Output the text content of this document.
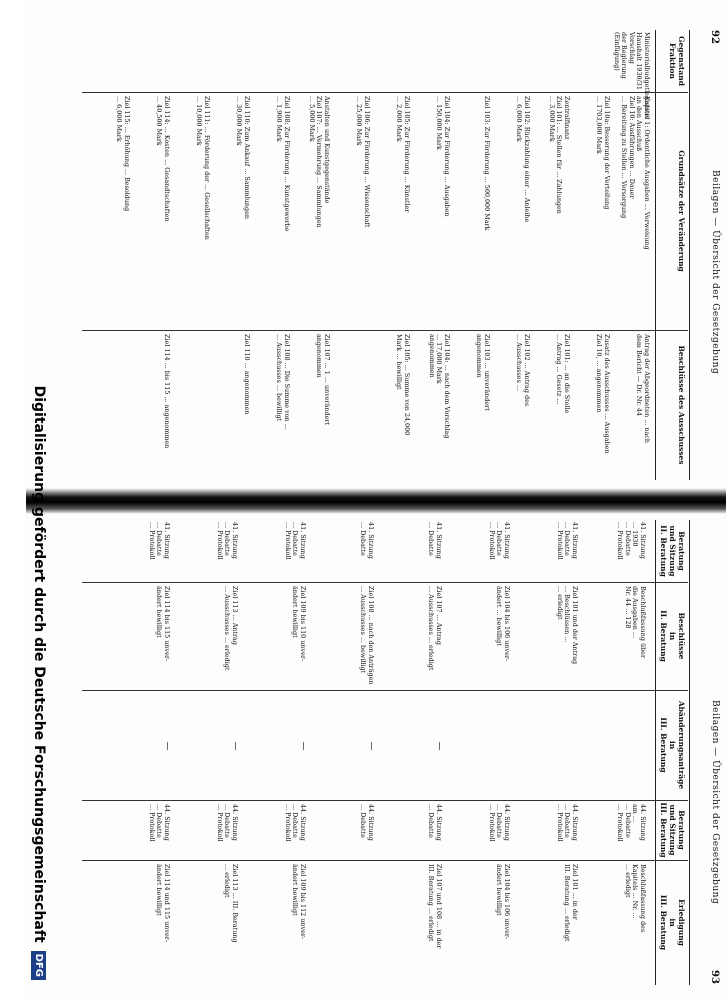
92
Beilagen — Übersicht der Gesetzgebung
Gegenstand
Fraktion
Grundsätze der Veränderung
Beschlüsse des Ausschusses
Ministerialbudgetlegislativ
Haushalt 1930/31
Vorschlag
der Regierung
(Einfügung)
Kapitel 1: Ordentliche Ausgaben ... Verweisung
an den Ausschuß
Ziel 10: Ausführungen ... Dauer
... Bereitung zu Stellen ... Versorgung
Antrag der Abgeordneten ... nach
dem Bericht — Dr. Nr. 44
Ziel 10a: Besserung der Verteilung
... 1703,000 Mark
Zusatz des Ausschusses ... Ausgaben
Ziel 10, ... angenommen
Zentralfinanz
Ziel 101: ... Stellen für ... Zahlungen
... 3,000 Mark
Ziel 101: ... an die Stelle
... Antrag ... Gesetz ...
Ziel 102: Rückzahlung einer ... Anleihe
... 6,000 Mark
Ziel 102 ... Antrag des
... Ausschusses ...
Ziel 103: Zur Förderung ... 500,000 Mark
Ziel 103 ... unverändert
angenommen
Ziel 104: Zur Förderung ... Ausgaben
... 150,000 Mark
Ziel 104: ... nach dem Vorschlag
... 17,000 Mark
angenommen
Ziel 105: Zur Förderung ... Künstler
... 2,000 Mark
Ziel 105: ... Summe von 24,000
Mark ... bewilligt
Ziel 106: Zur Förderung ... Wissenschaft
... 25,000 Mark
Anstalten und Kunstgegenstände
Ziel 107: ... Vermehrung ... Sammlungen
... 5,000 Mark
Ziel 107 ... 1 ... unverändert
angenommen
Ziel 108: Zur Förderung ... Kunstgewerbe
... 1,900 Mark
Ziel 108 ... Die Summe von ...
... Ausschusses ... bewilligt
Ziel 110: Zum Ankauf ... Sammlungen
... 30,000 Mark
Ziel 110 ... angenommen
Ziel 111: ... Förderung der ... Gesellschaften
... 10,000 Mark
Ziel 114: ... Kosten ... Gesandtschaften
... 40,500 Mark
Ziel 114 ... bis 115 ... angenommen
Ziel 115: ... Erhöhung ... Besoldung
... 6,000 Mark
Beilagen — Übersicht der Gesetzgebung
93
Beratung
und Sitzung
II. Beratung
Beschlüsse
in
II. Beratung
Abänderungsanträge
in
III. Beratung
Beratung
und Sitzung
III. Beratung
Erledigung
in
III. Beratung
41. Sitzung
... 1930
... Debatte
... Protokoll
Beschlußfassung über
die Ausgaben ...
Nr. 44 ... 128
44. Sitzung
am ...
... Debatte
... Protokoll
Beschlußfassung des
Kapitels ... Nr. ...
... erledigt
41. Sitzung
... Debatte
... Protokoll
Ziel 101 und der Antrag
... Beschlüssen ...
... erledigt
44. Sitzung
... Debatte
... Protokoll
Ziel 101 ... in der
III. Beratung ... erledigt
41. Sitzung
... Debatte
... Protokoll
Ziel 104 bis 106 unver-
ändert ... bewilligt
44. Sitzung
... Debatte
... Protokoll
Ziel 104 bis 106 unver-
ändert bewilligt
41. Sitzung
... Debatte
Ziel 107 ... Antrag
... Ausschusses ... erledigt
—
44. Sitzung
... Debatte
Ziel 107 und 108 ... in der
III. Beratung ... erledigt
41. Sitzung
... Debatte
Ziel 108 ... nach den Anträgen
... Ausschusses ... bewilligt
—
44. Sitzung
... Debatte
41. Sitzung
... Debatte
... Protokoll
Ziel 109 bis 110 unver-
ändert bewilligt
—
44. Sitzung
... Debatte
... Protokoll
Ziel 109 bis 112 unver-
ändert bewilligt
41. Sitzung
... Debatte
... Protokoll
Ziel 113 ... Antrag
... Ausschusses ... erledigt
—
44. Sitzung
... Debatte
... Protokoll
Ziel 113 ... III. Beratung
... erledigt
41. Sitzung
... Debatte
... Protokoll
Ziel 114 bis 115 unver-
ändert bewilligt
—
44. Sitzung
... Debatte
... Protokoll
Ziel 114 und 115 unver-
ändert bewilligt
Digitalisierung gefördert durch die Deutsche Forschungsgemeinschaft
DFG
